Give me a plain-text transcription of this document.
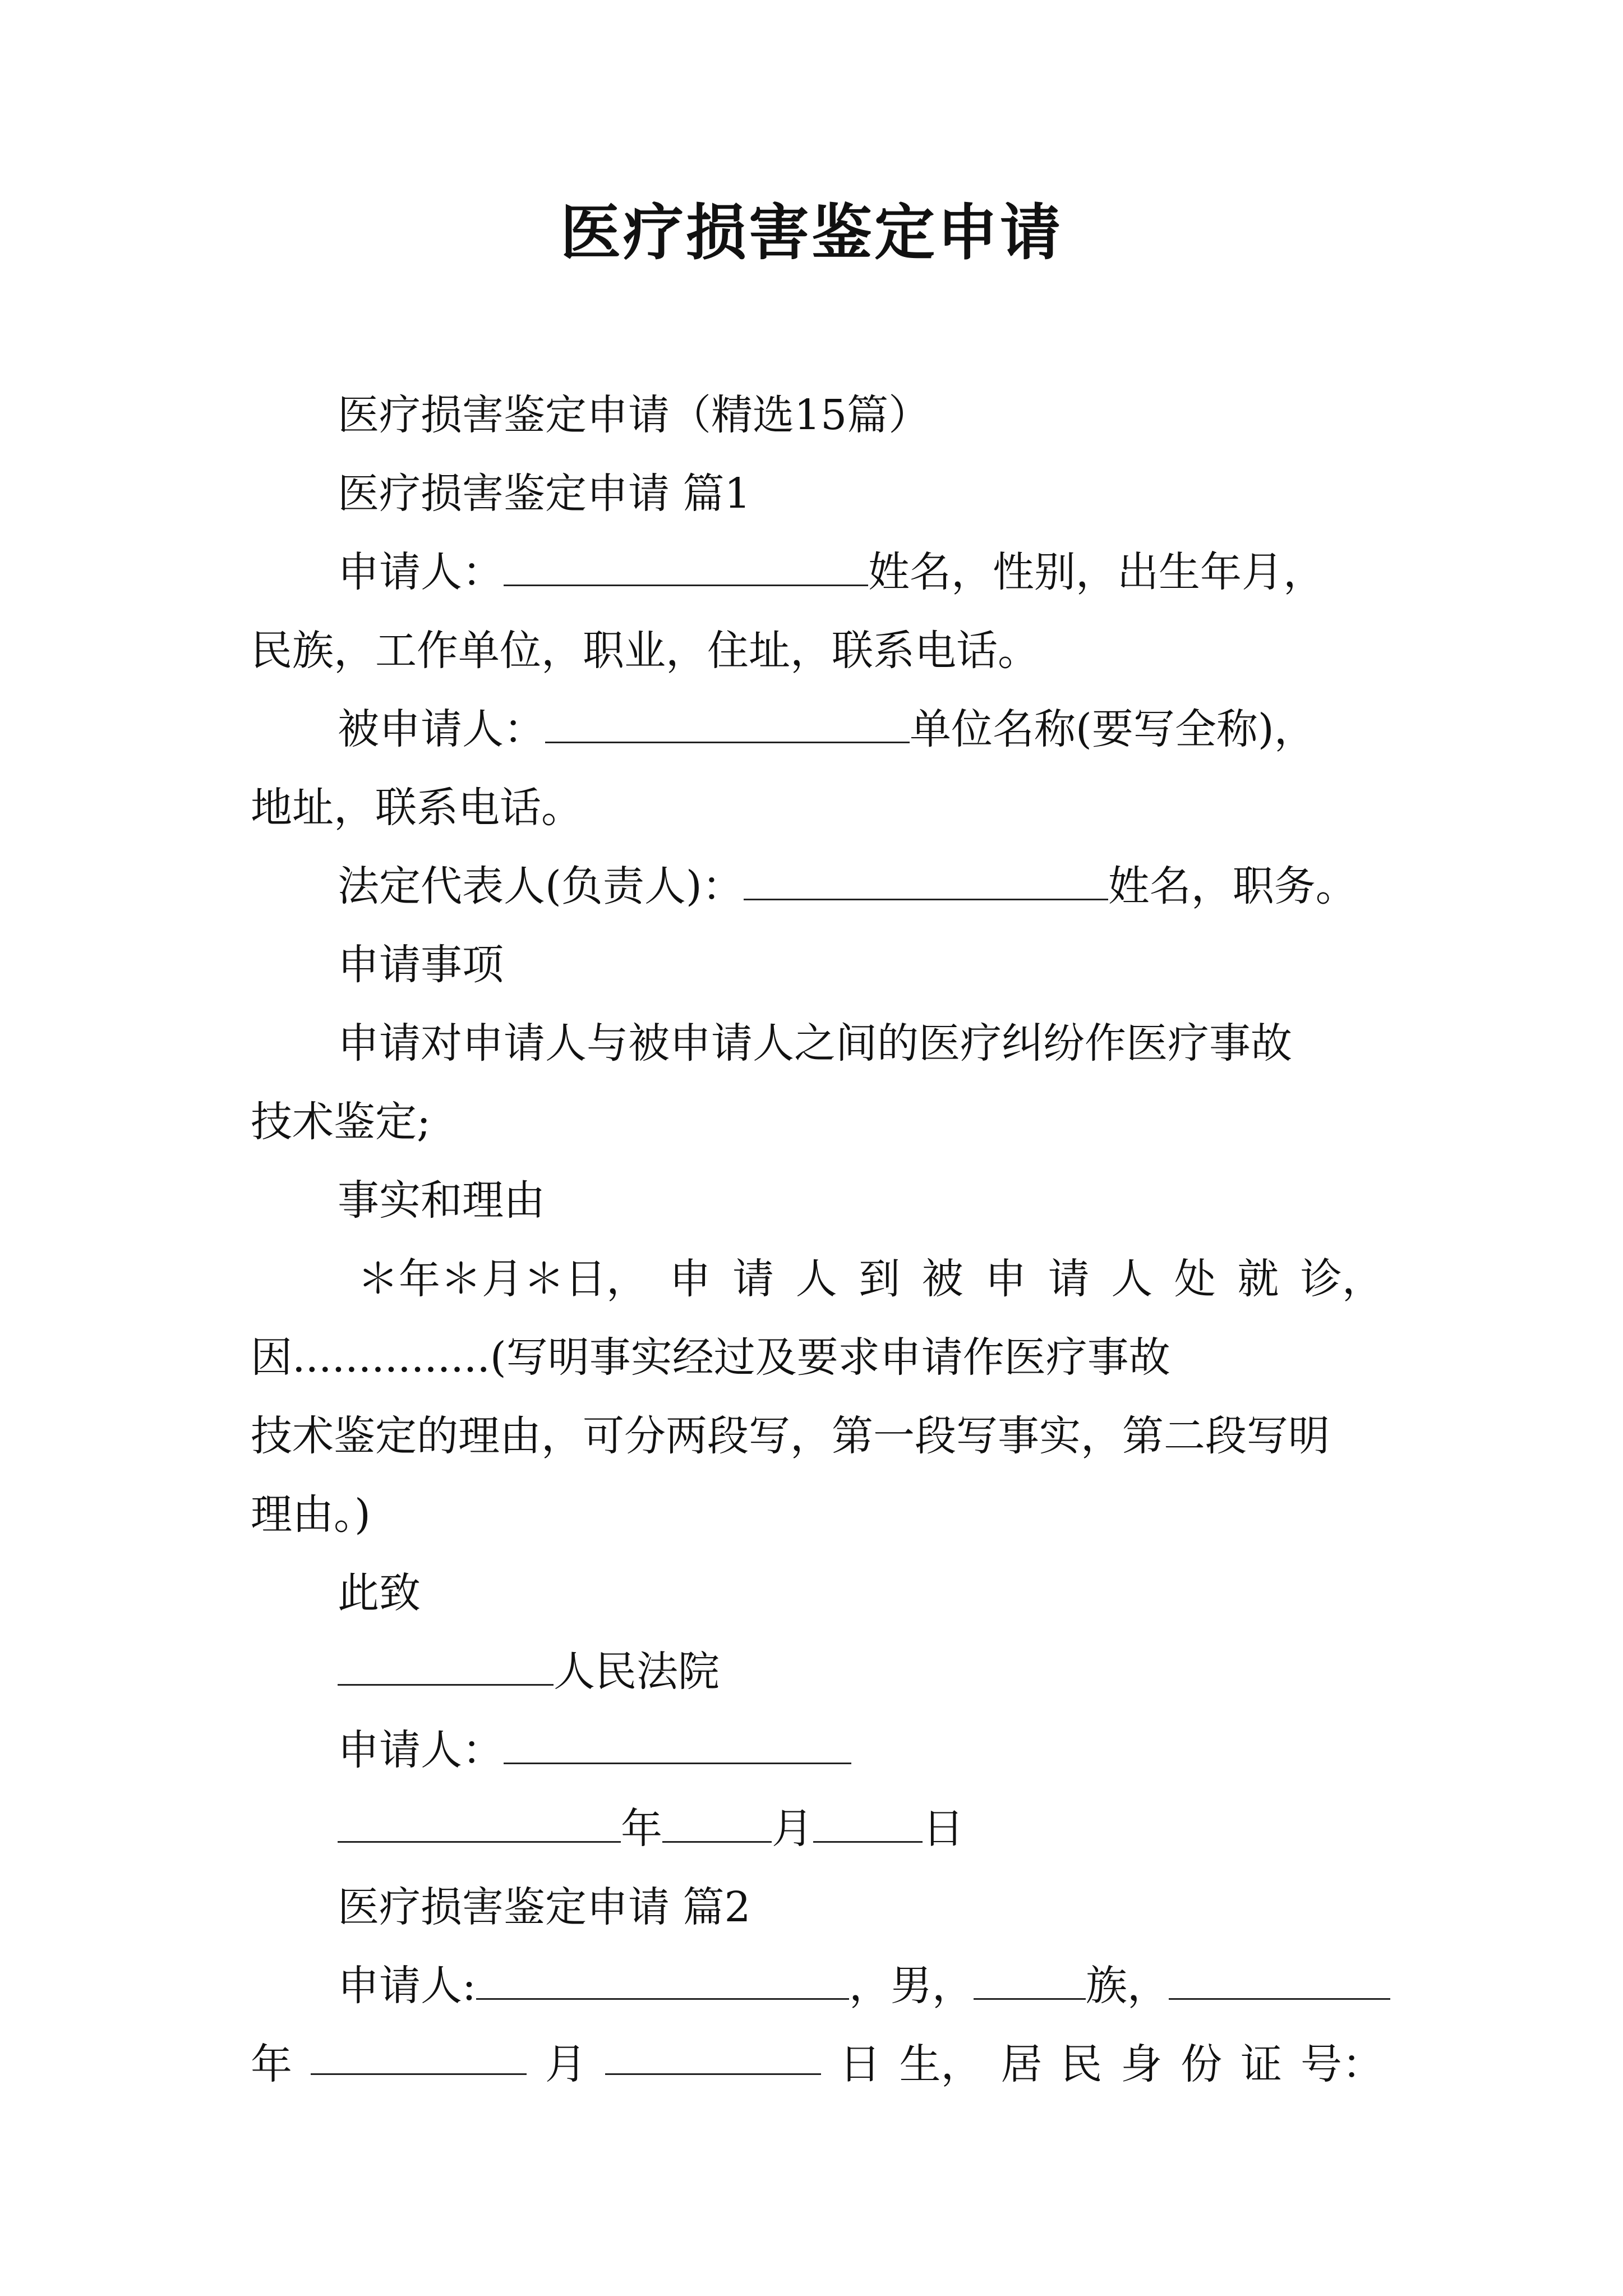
医疗损害鉴定申请
医疗损害鉴定申请（精选15篇）
医疗损害鉴定申请 篇1
申请人：	姓名，性别，出生年月，
民族，工作单位，职业，住址，联系电话。
被申请人：	单位名称(要写全称)，
地址，联系电话。
法定代表人(负责人)：	姓名，职务。
申请事项
申请对申请人与被申请人之间的医疗纠纷作医疗事故
技术鉴定;
事实和理由
＊年＊月＊日， 申 请 人 到 被 申 请 人 处 就 诊，
因...............(写明事实经过及要求申请作医疗事故
技术鉴定的理由，可分两段写，第一段写事实，第二段写明
理由。)
此致
人民法院
申请人：
年	月	日
医疗损害鉴定申请 篇2
申请人:	，男，	族，
年	月	日 生， 居 民 身 份 证 号：
